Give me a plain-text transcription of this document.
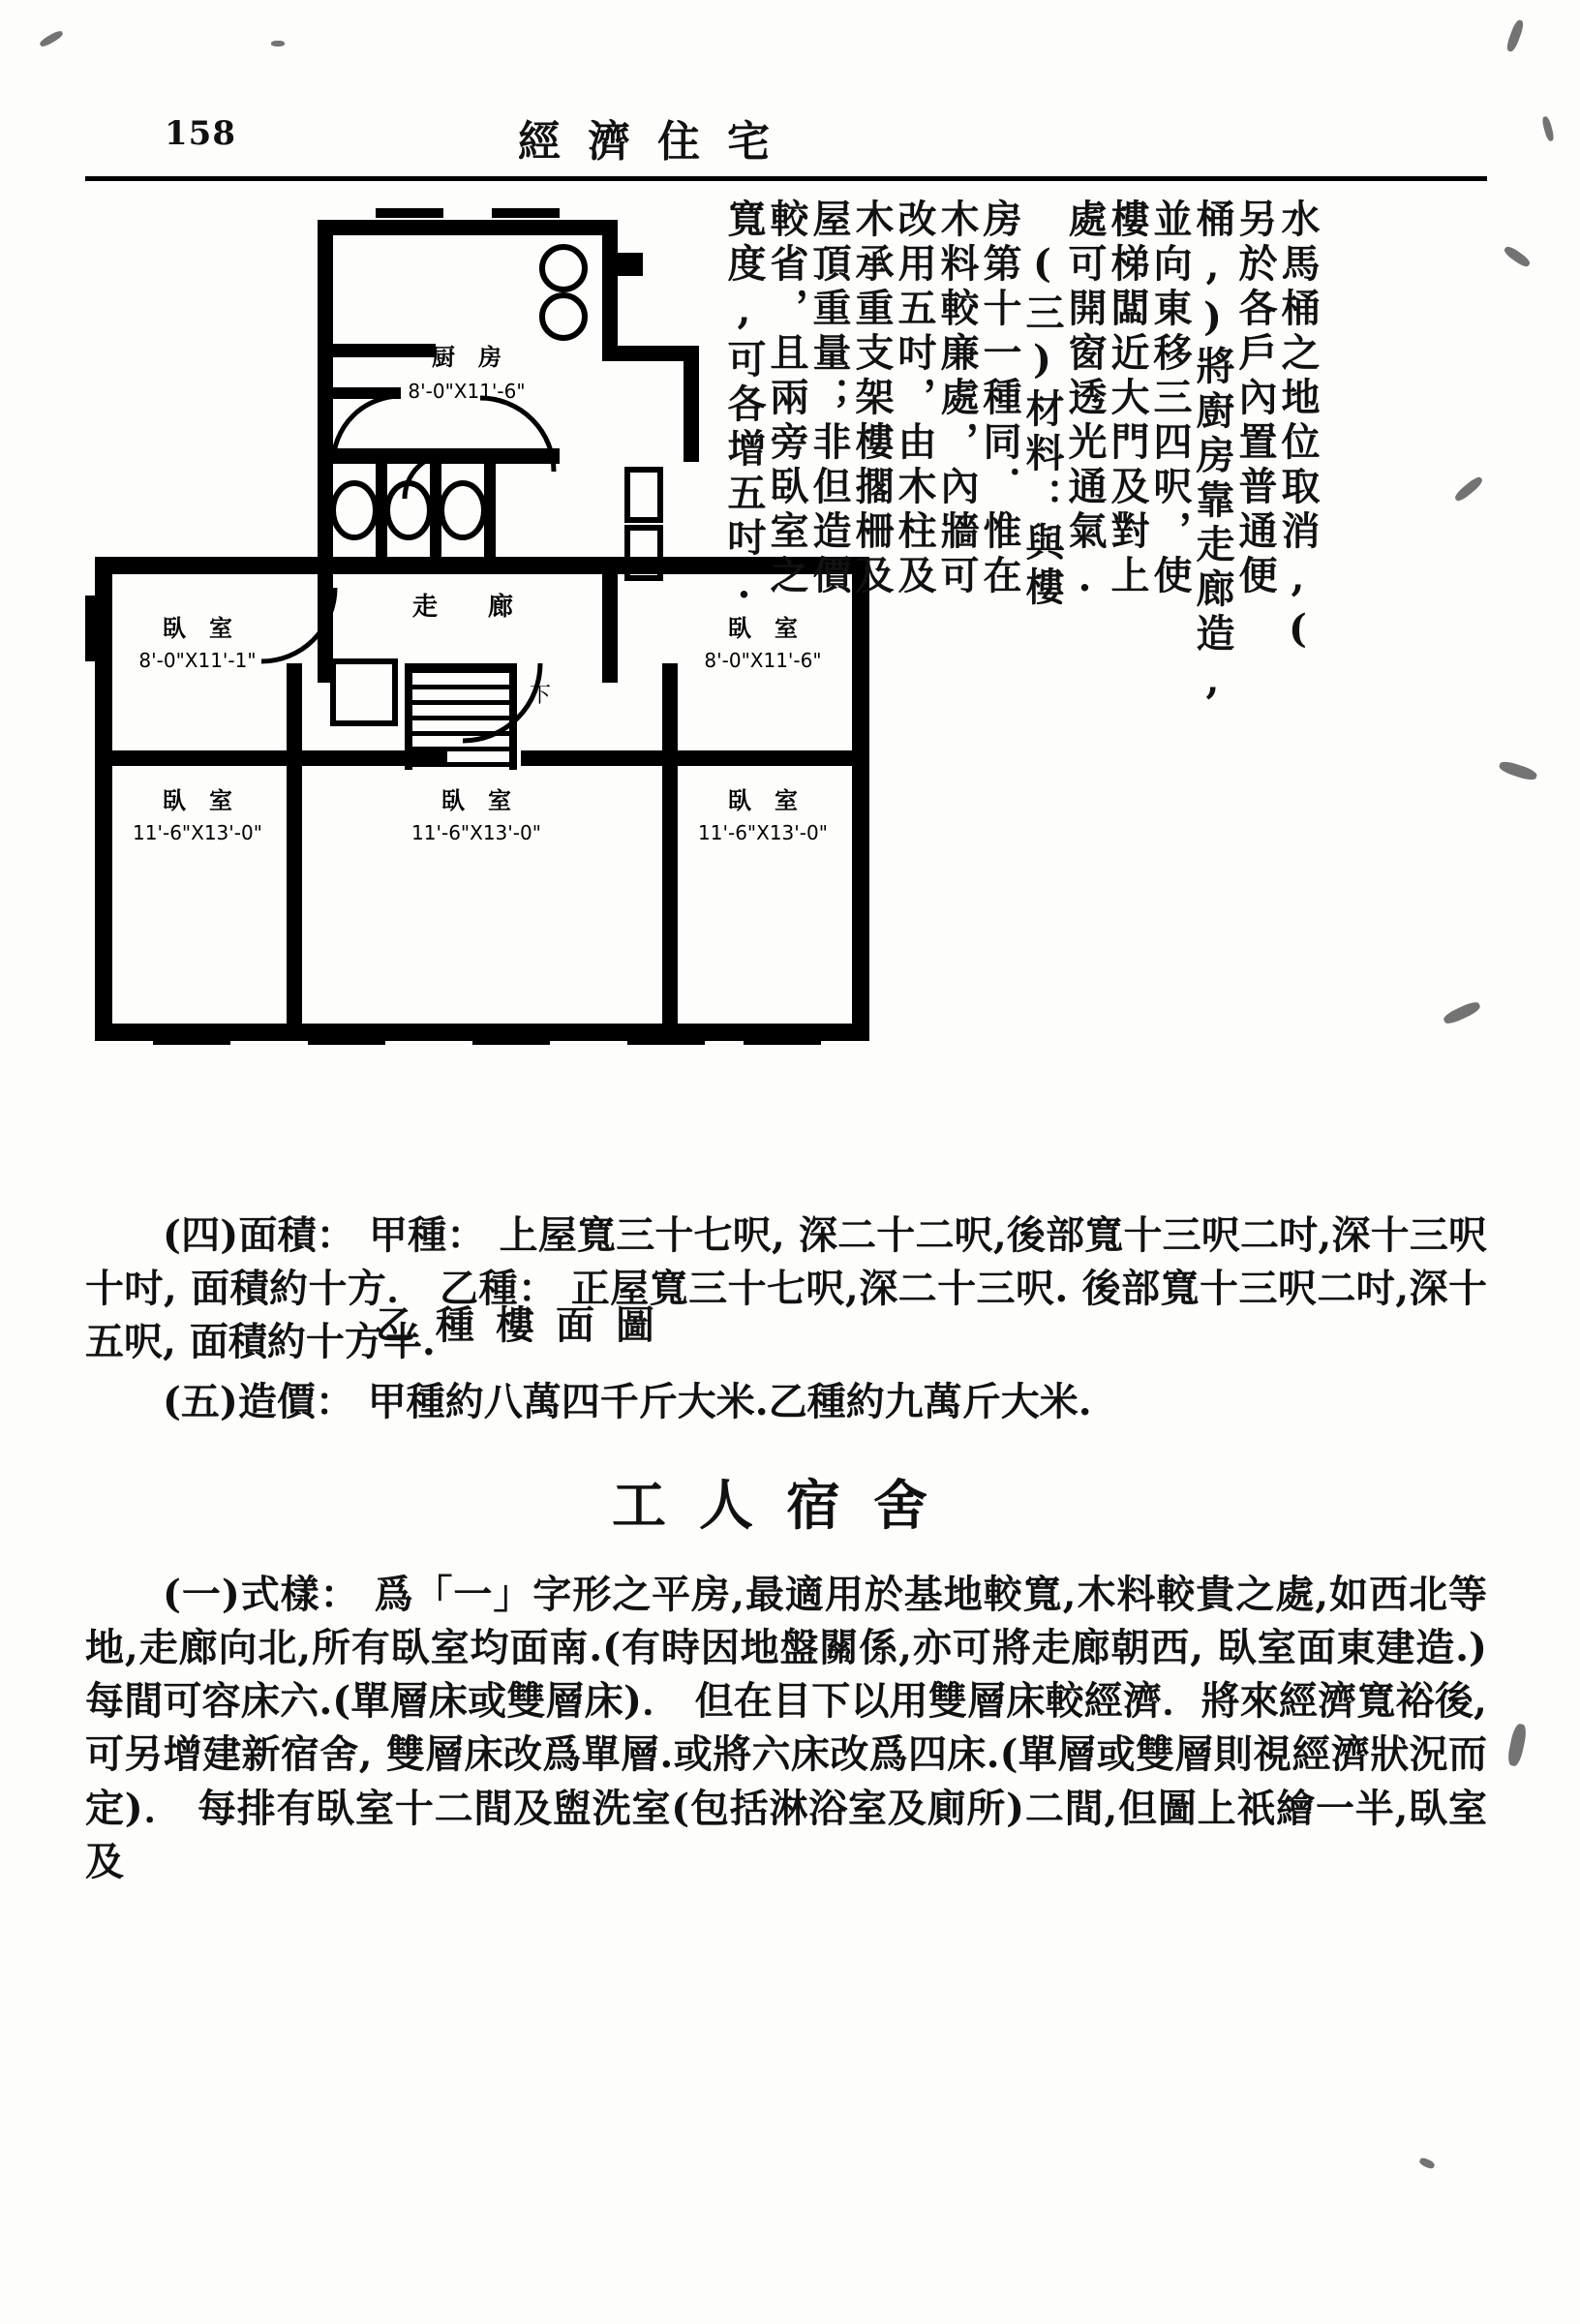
158	經濟住宅
厨　房
8'-0"X11'-6"
臥　室
8'-0"X11'-1"
臥　室
8'-0"X11'-6"
臥　室
11'-6"X13'-0"
臥　室
11'-6"X13'-0"
臥　室
11'-6"X13'-0"
走　　廊
下
乙種樓面圖
水馬桶之地位取消,(
另於各戶內置普通便
桶,)將廚房靠走廊造,
並向東移三四呎，使
樓梯闆近大門及對上
處可開窗透光通氣.
(三)材料：與樓
房第十一種同．惟在
木料較廉處，內牆可
改用五吋，由木柱及
木承重支架樓擱柵及
屋頂重量；非但造價
較省，且兩旁臥室之
寬度,可各增五吋.

(四)面積： 甲種： 上屋寬三十七呎, 深二十二呎,後部寬十三呎二吋,深十三呎十吋, 面積約十方． 乙種： 正屋寬三十七呎,深二十三呎. 後部寬十三呎二吋,深十五呎, 面積約十方半.

(五)造價： 甲種約八萬四千斤大米.乙種約九萬斤大米.

工人宿舍

(一)式樣： 爲「一」字形之平房,最適用於基地較寬,木料較貴之處,如西北等地,走廊向北,所有臥室均面南.(有時因地盤關係,亦可將走廊朝西, 臥室面東建造.)每間可容床六.(單層床或雙層床)． 但在目下以用雙層床較經濟．將來經濟寬裕後, 可另增建新宿舍, 雙層床改爲單層.或將六床改爲四床.(單層或雙層則視經濟狀況而定)． 每排有臥室十二間及盥洗室(包括淋浴室及廁所)二間,但圖上祇繪一半,臥室及
